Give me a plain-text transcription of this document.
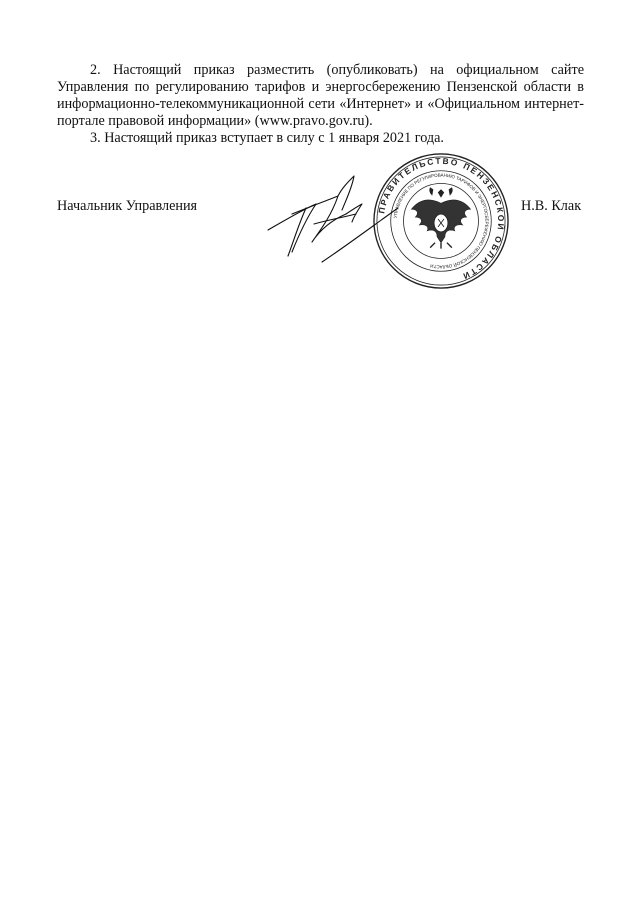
2. Настоящий приказ разместить (опубликовать) на официальном сайте Управления по регулированию тарифов и энергосбережению Пензенской области в информационно-телекоммуникационной сети «Интернет» и «Официальном интернет-портале правовой информации» (www.pravo.gov.ru).

3. Настоящий приказ вступает в силу с 1 января 2021 года.

Начальник Управления	Н.В. Клак
ПРАВИТЕЛЬСТВО ПЕНЗЕНСКОЙ ОБЛАСТИ
УПРАВЛЕНИЕ ПО РЕГУЛИРОВАНИЮ ТАРИФОВ И ЭНЕРГОСБЕРЕЖЕНИЮ ПЕНЗЕНСКОЙ ОБЛАСТИ
